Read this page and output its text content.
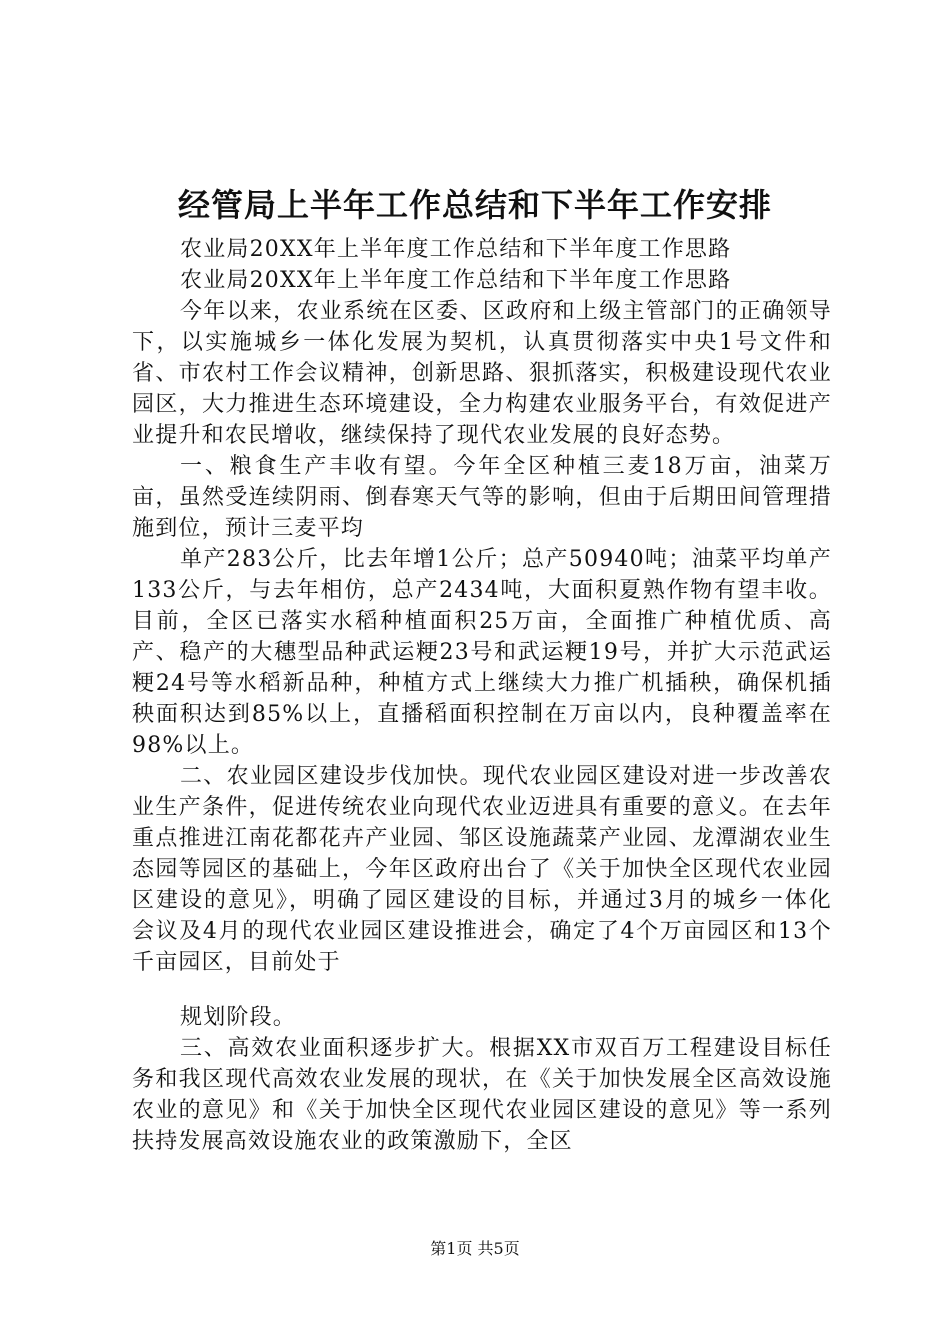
经管局上半年工作总结和下半年工作安排

农业局20XX年上半年度工作总结和下半年度工作思路

农业局20XX年上半年度工作总结和下半年度工作思路

今年以来，农业系统在区委、区政府和上级主管部门的正确领导下，以实施城乡一体化发展为契机，认真贯彻落实中央1号文件和省、市农村工作会议精神，创新思路、狠抓落实，积极建设现代农业园区，大力推进生态环境建设，全力构建农业服务平台，有效促进产业提升和农民增收，继续保持了现代农业发展的良好态势。

一、粮食生产丰收有望。今年全区种植三麦18万亩，油菜万亩，虽然受连续阴雨、倒春寒天气等的影响，但由于后期田间管理措施到位，预计三麦平均

单产283公斤，比去年增1公斤；总产50940吨；油菜平均单产133公斤，与去年相仿，总产2434吨，大面积夏熟作物有望丰收。目前，全区已落实水稻种植面积25万亩，全面推广种植优质、高产、稳产的大穗型品种武运粳23号和武运粳19号，并扩大示范武运粳24号等水稻新品种，种植方式上继续大力推广机插秧，确保机插秧面积达到85%以上，直播稻面积控制在万亩以内，良种覆盖率在98%以上。

二、农业园区建设步伐加快。现代农业园区建设对进一步改善农业生产条件，促进传统农业向现代农业迈进具有重要的意义。在去年重点推进江南花都花卉产业园、邹区设施蔬菜产业园、龙潭湖农业生态园等园区的基础上，今年区政府出台了《关于加快全区现代农业园区建设的意见》，明确了园区建设的目标，并通过3月的城乡一体化会议及4月的现代农业园区建设推进会，确定了4个万亩园区和13个千亩园区，目前处于

规划阶段。

三、高效农业面积逐步扩大。根据XX市双百万工程建设目标任务和我区现代高效农业发展的现状，在《关于加快发展全区高效设施农业的意见》和《关于加快全区现代农业园区建设的意见》等一系列扶持发展高效设施农业的政策激励下，全区

第1页 共5页
